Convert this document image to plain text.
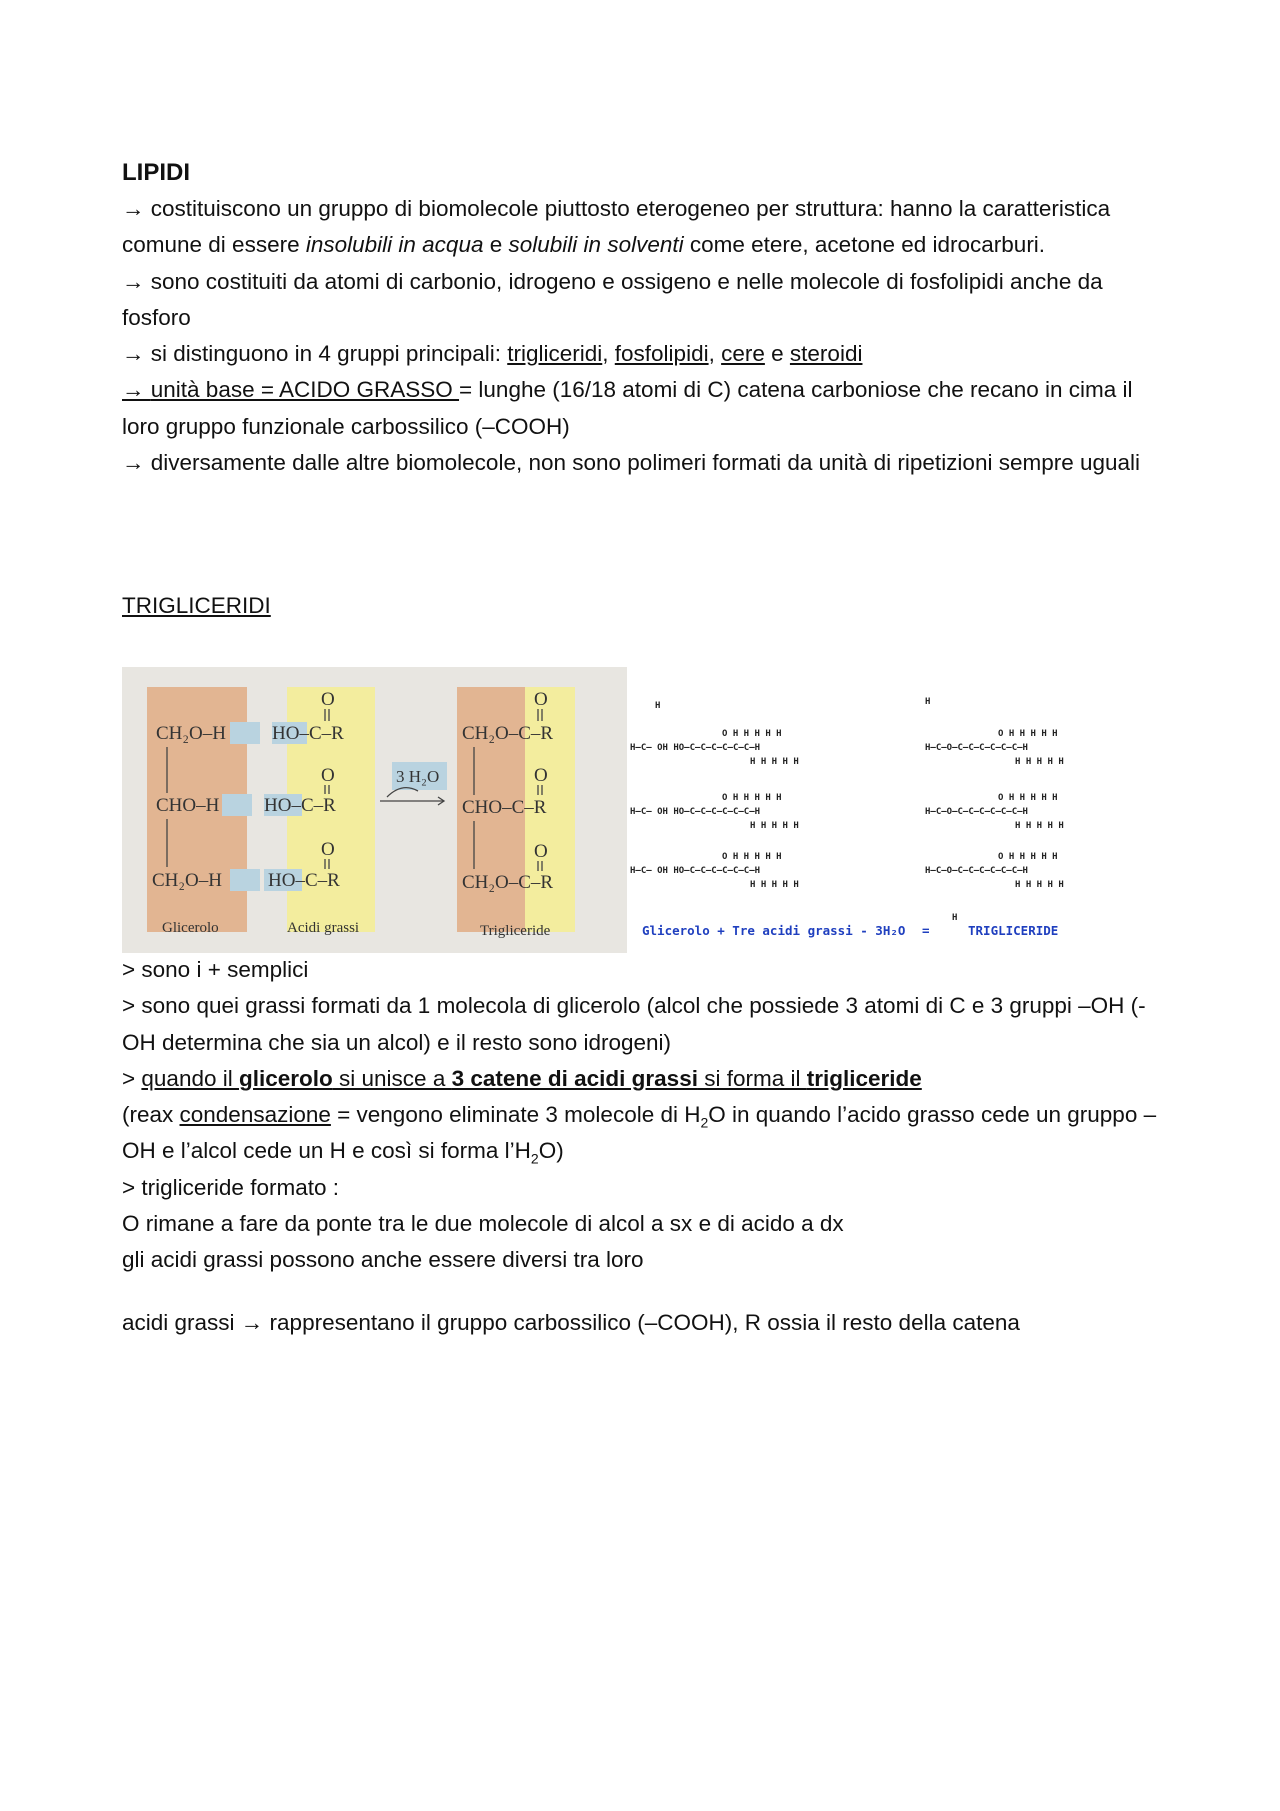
LIPIDI

→ costituiscono un gruppo di biomolecole piuttosto eterogeneo per struttura: hanno la caratteristica comune di essere insolubili in acqua e solubili in solventi come etere, acetone ed idrocarburi.

→ sono costituiti da atomi di carbonio, idrogeno e ossigeno e nelle molecole di fosfolipidi anche da fosforo

→ si distinguono in 4 gruppi principali: trigliceridi, fosfolipidi, cere e steroidi

→ unità base = ACIDO GRASSO = lunghe (16/18 atomi di C) catena carboniose che recano in cima il loro gruppo funzionale carbossilico (–COOH)

→ diversamente dalle altre biomolecole, non sono polimeri formati da unità di ripetizioni sempre uguali

TRIGLICERIDI
CH₂O–H HO–C–R	CH₂O–C–R
CHO–H HO–C–R	CHO–C–R
CH₂O–H HO–C–R	CH₂O–C–R
O
O
O
O
O
O
3 H₂O
Glicerolo	Acidi grassi	Trigliceride
H—C— OH HO—C—C—C—C—C—C—H
O H H H H H
H H H H H
H—C—O—C—C—C—C—C—C—H
O H H H H H
H H H H H
H—C— OH HO—C—C—C—C—C—C—H
O H H H H H
H H H H H
H—C—O—C—C—C—C—C—C—H
O H H H H H
H H H H H
H—C— OH HO—C—C—C—C—C—C—H
O H H H H H
H H H H H
H—C—O—C—C—C—C—C—C—H
O H H H H H
H H H H H
H	H
H
Glicerolo + Tre acidi grassi - 3H₂O =	TRIGLICERIDE

> sono i + semplici

> sono quei grassi formati da 1 molecola di glicerolo (alcol che possiede 3 atomi di C e 3 gruppi –OH (-OH determina che sia un alcol) e il resto sono idrogeni)

> quando il glicerolo si unisce a 3 catene di acidi grassi si forma il trigliceride

(reax condensazione = vengono eliminate 3 molecole di $H_2O$ in quando l’acido grasso cede un gruppo –OH e l’alcol cede un H e così si forma $l’H_2O$)

> trigliceride formato :

O rimane a fare da ponte tra le due molecole di alcol a sx e di acido a dx

gli acidi grassi possono anche essere diversi tra loro

acidi grassi → rappresentano il gruppo carbossilico (–COOH), R ossia il resto della catena
